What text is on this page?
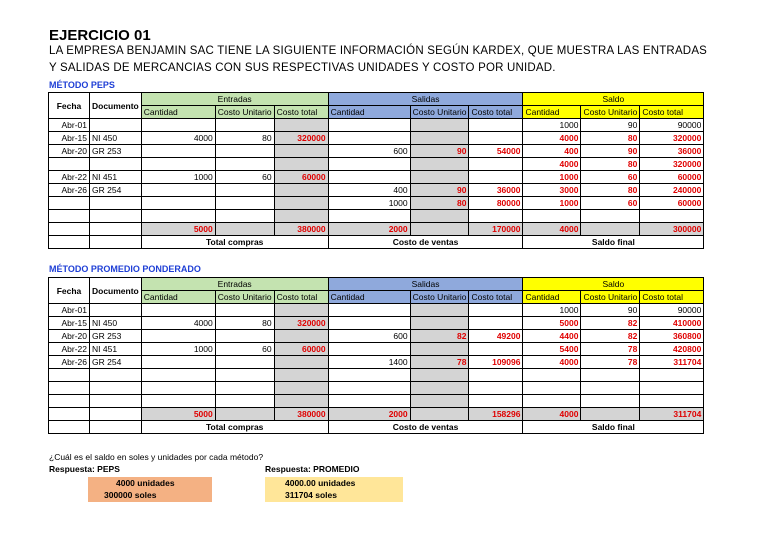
EJERCICIO 01
LA EMPRESA BENJAMIN SAC TIENE LA SIGUIENTE INFORMACIÓN SEGÚN KARDEX, QUE MUESTRA LAS ENTRADAS
Y SALIDAS DE MERCANCIAS CON SUS RESPECTIVAS UNIDADES Y COSTO POR UNIDAD.
MÉTODO PEPS
Fecha	Documento	Entradas			Salidas			Saldo		
		Cantidad	Costo Unitario	Costo total	Cantidad	Costo Unitario	Costo total	Cantidad	Costo Unitario	Costo total
Abr-01								1000	90	90000
Abr-15	NI 450	4000	80	320000				4000	80	320000
Abr-20	GR 253				600	90	54000	400	90	36000
								4000	80	320000
Abr-22	NI 451	1000	60	60000				1000	60	60000
Abr-26	GR 254				400	90	36000	3000	80	240000
					1000	80	80000	1000	60	60000

		5000		380000	2000		170000	4000		300000
		Total compras			Costo de ventas			Saldo final		
MÉTODO PROMEDIO PONDERADO
Fecha	Documento	Entradas			Salidas			Saldo		
		Cantidad	Costo Unitario	Costo total	Cantidad	Costo Unitario	Costo total	Cantidad	Costo Unitario	Costo total
Abr-01								1000	90	90000
Abr-15	NI 450	4000	80	320000				5000	82	410000
Abr-20	GR 253				600	82	49200	4400	82	360800
Abr-22	NI 451	1000	60	60000				5400	78	420800
Abr-26	GR 254				1400	78	109096	4000	78	311704

		5000		380000	2000		158296	4000		311704
		Total compras			Costo de ventas			Saldo final		
¿Cuál es el saldo en soles y unidades por cada método?
Respuesta: PEPS	Respuesta: PROMEDIO
4000 unidades
300000 soles
4000.00 unidades
311704 soles
